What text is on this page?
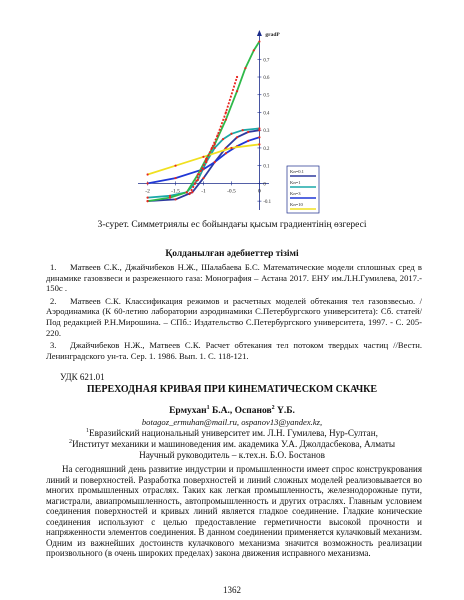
0.7
0.6
0.5
0.4
0.3
0.2
0.1
0
-0.1
-2	-1.5	-1	-0.5	0
gradP
Kn=0.1
Kn=1
Kn=3
Kn=10
3-сурет. Симметриялы ес бойындағы қысым градиентінің өзгересі
Қолданылған әдебиеттер тізімі
1. Матвеев С.К., Джайчибеков Н.Ж., Шалабаева Б.С. Математические модели сплошных сред в динамике газовзвеси и разреженного газа: Монография – Астана 2017. ЕНУ им.Л.Н.Гумилева, 2017.- 150с .
2. Матвеев С.К. Классификация режимов и расчетных моделей обтекания тел газовзвесью. /Аэродинамика (К 60-летию лаборатории аэродинамики С.Петербургского университета): Сб. статей/ Под редакцией Р.Н.Мирошина. – СПб.: Издательство С.Петербургского университета, 1997. - С. 205-220.
3. Джайчибеков Н.Ж., Матвеев С.К. Расчет обтекания тел потоком твердых частиц //Вестн. Ленинградского ун-та. Сер. 1. 1986. Вып. 1. С. 118-121.
УДК 621.01
ПЕРЕХОДНАЯ КРИВАЯ ПРИ КИНЕМАТИЧЕСКОМ СКАЧКЕ
Ермухан$^1$ Б.А., Оспанов$^2$ Ү.Б.
botagoz_ermuhan@mail.ru, ospanov13@yandex.kz,
$^1$Евразийский национальный университет им. Л.Н. Гумилева, Нур-Султан,
$^2$Институт механики и машиноведения им. академика У.А. Джолдасбекова, Алматы
Научный руководитель – к.тех.н. Б.О. Бостанов

На сегодняшний день развитие индустрии и промышленности имеет спрос конструкрования линий и поверхностей. Разработка поверхностей и линий сложных моделей реализовывается во многих промышленных отраслях. Таких как легкая промышленность, железнодорожные пути, магистрали, авиапромышленность, автопромышленность и других отраслях. Главным условием соединения поверхностей и кривых линий является гладкое соединение. Гладкие конические соединения используют с целью предоставление герметичности высокой прочности и напряженности элементов соединения. В данном соединении применяется кулачковый механизм. Одним из важнейших достоинств кулачкового механизма значится возможность реализации произвольного (в очень широких пределах) закона движения исправного механизма.

1362
